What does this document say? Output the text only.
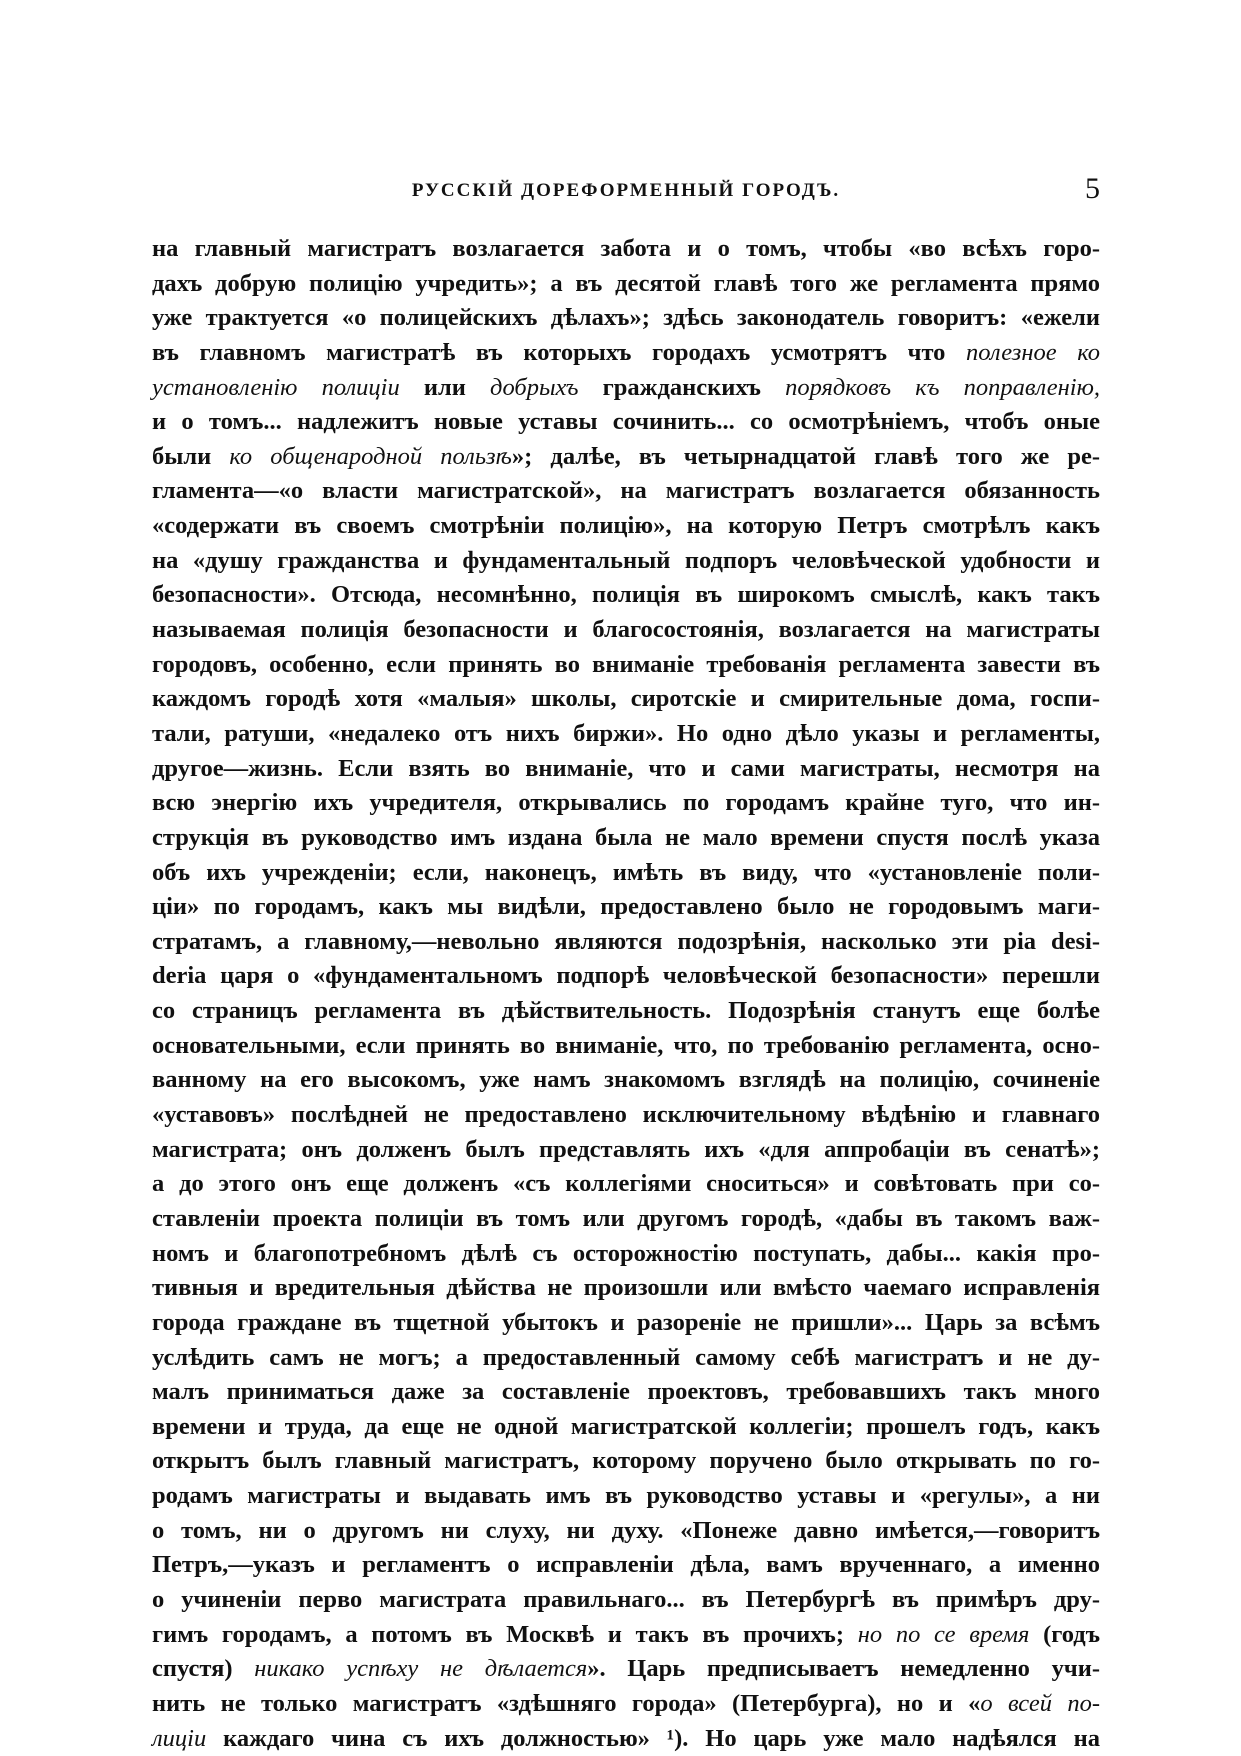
РУССКІЙ ДОРЕФОРМЕННЫЙ ГОРОДЪ.	5
на главный магистратъ возлагается забота и о томъ, чтобы «во всѣхъ горо-
дахъ добрую полицію учредить»; а въ десятой главѣ того же регламента прямо
уже трактуется «о полицейскихъ дѣлахъ»; здѣсь законодатель говоритъ: «ежели
въ главномъ магистратѣ въ которыхъ городахъ усмотрятъ что полезное ко
установленію полиціи или добрыхъ гражданскихъ порядковъ къ поправленію,
и о томъ... надлежитъ новые уставы сочинить... со осмотрѣніемъ, чтобъ оные
были ко общенародной пользѣ»; далѣе, въ четырнадцатой главѣ того же ре-
гламента—«о власти магистратской», на магистратъ возлагается обязанность
«содержати въ своемъ смотрѣніи полицію», на которую Петръ смотрѣлъ какъ
на «душу гражданства и фундаментальный подпоръ человѣческой удобности и
безопасности». Отсюда, несомнѣнно, полиція въ широкомъ смыслѣ, какъ такъ
называемая полиція безопасности и благосостоянія, возлагается на магистраты
городовъ, особенно, если принять во вниманіе требованія регламента завести въ
каждомъ городѣ хотя «малыя» школы, сиротскіе и смирительные дома, госпи-
тали, ратуши, «недалеко отъ нихъ биржи». Но одно дѣло указы и регламенты,
другое—жизнь. Если взять во вниманіе, что и сами магистраты, несмотря на
всю энергію ихъ учредителя, открывались по городамъ крайне туго, что ин-
струкція въ руководство имъ издана была не мало времени спустя послѣ указа
объ ихъ учрежденіи; если, наконецъ, имѣть въ виду, что «установленіе поли-
ціи» по городамъ, какъ мы видѣли, предоставлено было не городовымъ маги-
стратамъ, а главному,—невольно являются подозрѣнія, насколько эти pia desi-
deria царя о «фундаментальномъ подпорѣ человѣческой безопасности» перешли
со страницъ регламента въ дѣйствительность. Подозрѣнія станутъ еще болѣе
основательными, если принять во вниманіе, что, по требованію регламента, осно-
ванному на его высокомъ, уже намъ знакомомъ взглядѣ на полицію, сочиненіе
«уставовъ» послѣдней не предоставлено исключительному вѣдѣнію и главнаго
магистрата; онъ долженъ былъ представлять ихъ «для аппробаціи въ сенатѣ»;
а до этого онъ еще долженъ «съ коллегіями сноситься» и совѣтовать при со-
ставленіи проекта полиціи въ томъ или другомъ городѣ, «дабы въ такомъ важ-
номъ и благопотребномъ дѣлѣ съ осторожностію поступать, дабы... какія про-
тивныя и вредительныя дѣйства не произошли или вмѣсто чаемаго исправленія
города граждане въ тщетной убытокъ и разореніе не пришли»... Царь за всѣмъ
услѣдить самъ не могъ; а предоставленный самому себѣ магистратъ и не ду-
малъ приниматься даже за составленіе проектовъ, требовавшихъ такъ много
времени и труда, да еще не одной магистратской коллегіи; прошелъ годъ, какъ
открытъ былъ главный магистратъ, которому поручено было открывать по го-
родамъ магистраты и выдавать имъ въ руководство уставы и «регулы», а ни
о томъ, ни о другомъ ни слуху, ни духу. «Понеже давно имѣется,—говоритъ
Петръ,—указъ и регламентъ о исправленіи дѣла, вамъ врученнаго, а именно
о учиненіи перво магистрата правильнаго... въ Петербургѣ въ примѣръ дру-
гимъ городамъ, а потомъ въ Москвѣ и такъ въ прочихъ; но по се время (годъ
спустя) никако успѣху не дѣлается». Царь предписываетъ немедленно учи-
нить не только магистратъ «здѣшняго города» (Петербурга), но и «о всей по-
лиціи каждаго чина съ ихъ должностью» ¹). Но царь уже мало надѣялся на
